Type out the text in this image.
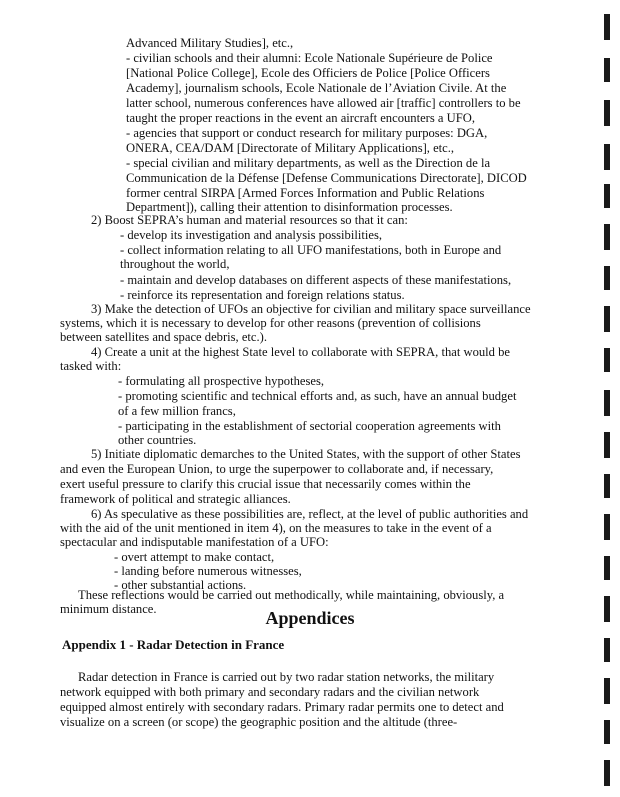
Advanced Military Studies], etc.,
- civilian schools and their alumni: Ecole Nationale Supérieure de Police
[National Police College], Ecole des Officiers de Police [Police Officers
Academy], journalism schools, Ecole Nationale de l’Aviation Civile. At the
latter school, numerous conferences have allowed air [traffic] controllers to be
taught the proper reactions in the event an aircraft encounters a UFO,
- agencies that support or conduct research for military purposes: DGA,
ONERA, CEA/DAM [Directorate of Military Applications], etc.,
- special civilian and military departments, as well as the Direction de la
Communication de la Défense [Defense Communications Directorate], DICOD
former central SIRPA [Armed Forces Information and Public Relations
Department]), calling their attention to disinformation processes.
2) Boost SEPRA’s human and material resources so that it can:
- develop its investigation and analysis possibilities,
- collect information relating to all UFO manifestations, both in Europe and
throughout the world,
- maintain and develop databases on different aspects of these manifestations,
- reinforce its representation and foreign relations status.
3) Make the detection of UFOs an objective for civilian and military space surveillance
systems, which it is necessary to develop for other reasons (prevention of collisions
between satellites and space debris, etc.).
4) Create a unit at the highest State level to collaborate with SEPRA, that would be
tasked with:
- formulating all prospective hypotheses,
- promoting scientific and technical efforts and, as such, have an annual budget
of a few million francs,
- participating in the establishment of sectorial cooperation agreements with
other countries.
5) Initiate diplomatic demarches to the United States, with the support of other States
and even the European Union, to urge the superpower to collaborate and, if necessary,
exert useful pressure to clarify this crucial issue that necessarily comes within the
framework of political and strategic alliances.
6) As speculative as these possibilities are, reflect, at the level of public authorities and
with the aid of the unit mentioned in item 4), on the measures to take in the event of a
spectacular and indisputable manifestation of a UFO:
- overt attempt to make contact,
- landing before numerous witnesses,
- other substantial actions.
These reflections would be carried out methodically, while maintaining, obviously, a
minimum distance.	Appendices
Appendix 1 - Radar Detection in France
Radar detection in France is carried out by two radar station networks, the military
network equipped with both primary and secondary radars and the civilian network
equipped almost entirely with secondary radars. Primary radar permits one to detect and
visualize on a screen (or scope) the geographic position and the altitude (three-
